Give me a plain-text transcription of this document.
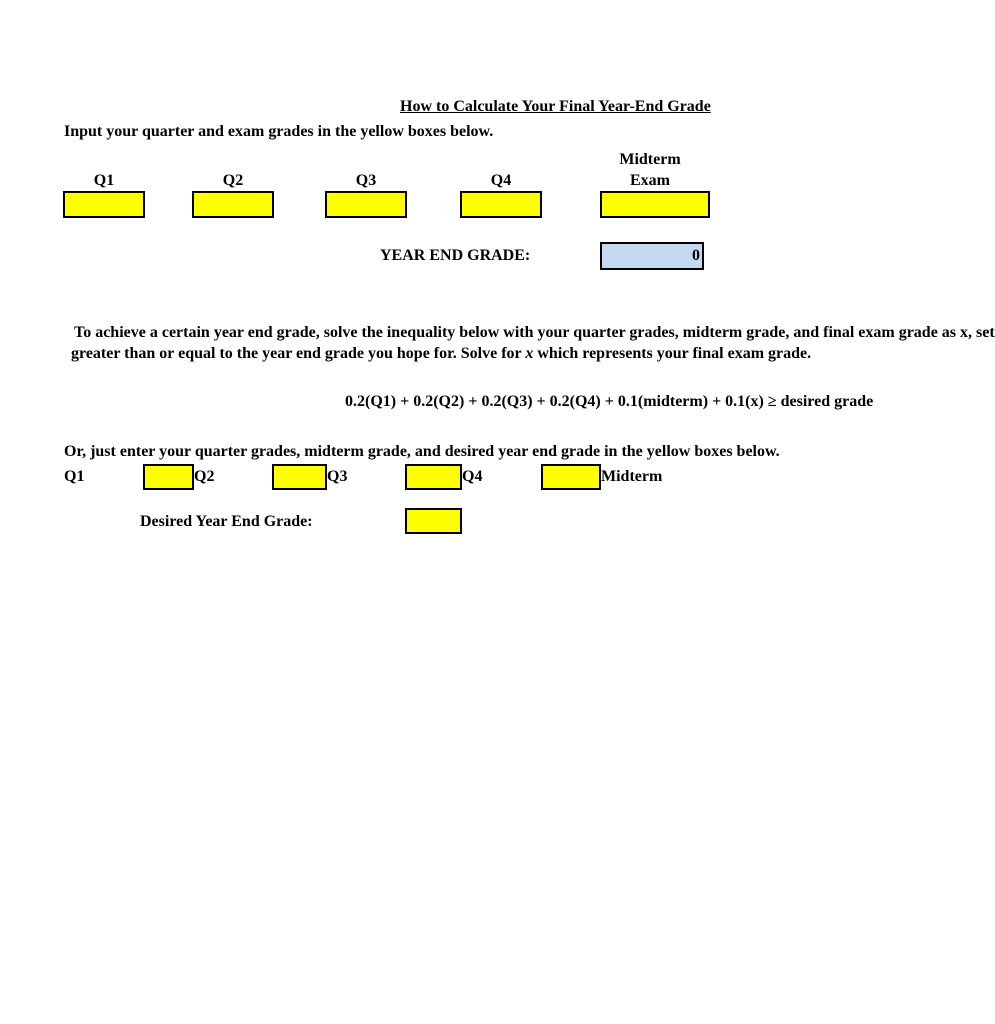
How to Calculate Your Final Year-End Grade
Input your quarter and exam grades in the yellow boxes below.
Midterm
Exam
Q1	Q2	Q3	Q4
YEAR END GRADE:	0
To achieve a certain year end grade, solve the inequality below with your quarter grades, midterm grade, and final exam grade as x, set
greater than or equal to the year end grade you hope for. Solve for x which represents your final exam grade.
0.2(Q1) + 0.2(Q2) + 0.2(Q3) + 0.2(Q4) + 0.1(midterm) + 0.1(x) ≥ desired grade
Or, just enter your quarter grades, midterm grade, and desired year end grade in the yellow boxes below.
Q1	Q2	Q3	Q4	Midterm
Desired Year End Grade:
